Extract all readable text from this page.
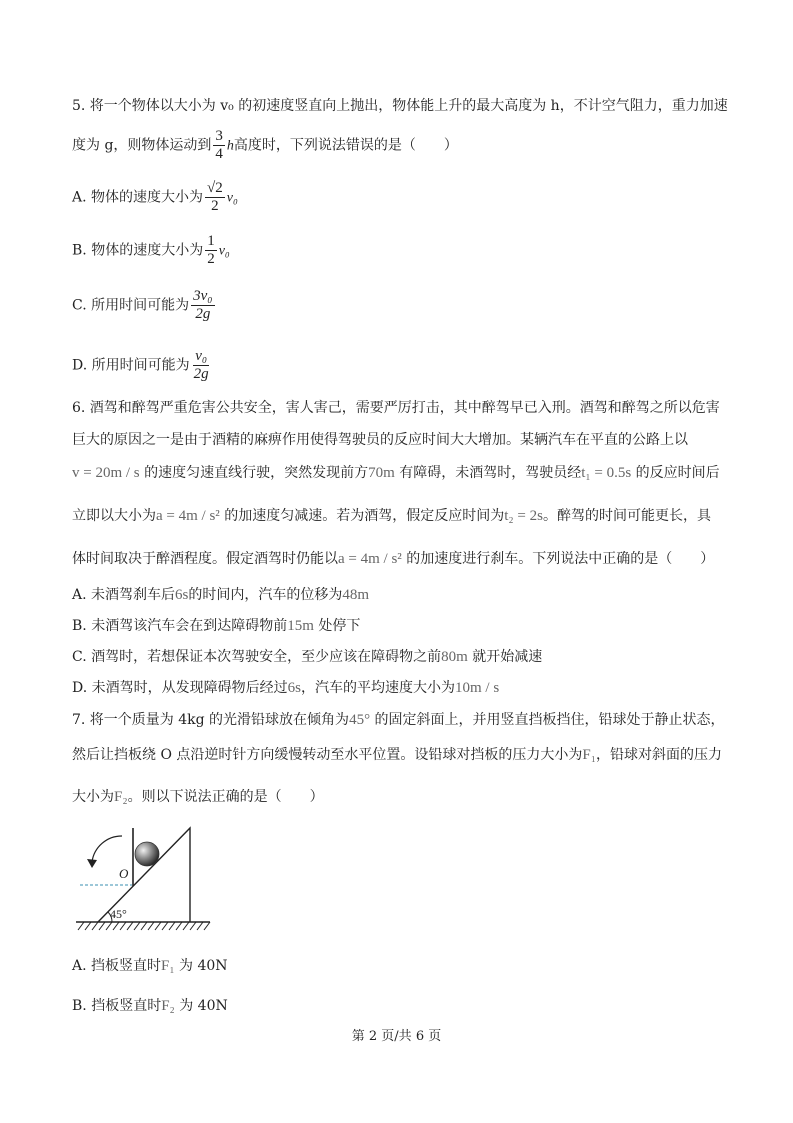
5. 将一个物体以大小为 v₀ 的初速度竖直向上抛出，物体能上升的最大高度为 h，不计空气阻力，重力加速
度为 g，则物体运动到 $\frac{3}{4}$ h高度时，下列说法错误的是（　　）
A. 物体的速度大小为 $\frac{√2}{2} v_0$
B. 物体的速度大小为 $\frac{1}{2} v_0$
C. 所用时间可能为 $\frac{\text{3v₀}}{2g}$
D. 所用时间可能为 $\frac{\text{v₀}}{2g}$
6. 酒驾和醉驾严重危害公共安全，害人害己，需要严厉打击，其中醉驾早已入刑。酒驾和醉驾之所以危害
巨大的原因之一是由于酒精的麻痹作用使得驾驶员的反应时间大大增加。某辆汽车在平直的公路上以
v = 20m / s 的速度匀速直线行驶，突然发现前方70m 有障碍，未酒驾时，驾驶员经t₁ = 0.5s 的反应时间后
立即以大小为a = 4m / s² 的加速度匀减速。若为酒驾，假定反应时间为t₂ = 2s。醉驾的时间可能更长，具
体时间取决于醉酒程度。假定酒驾时仍能以a = 4m / s² 的加速度进行刹车。下列说法中正确的是（　　）
A. 未酒驾刹车后6s的时间内，汽车的位移为48m
B. 未酒驾该汽车会在到达障碍物前15m 处停下
C. 酒驾时，若想保证本次驾驶安全，至少应该在障碍物之前80m 就开始减速
D. 未酒驾时，从发现障碍物后经过6s，汽车的平均速度大小为10m / s
7. 将一个质量为 4kg 的光滑铅球放在倾角为45° 的固定斜面上，并用竖直挡板挡住，铅球处于静止状态，
然后让挡板绕 O 点沿逆时针方向缓慢转动至水平位置。设铅球对挡板的压力大小为F₁，铅球对斜面的压力
大小为F₂。则以下说法正确的是（　　）
45°
O
A. 挡板竖直时F₁ 为 40N
B. 挡板竖直时F₂ 为 40N
第 2 页/共 6 页
